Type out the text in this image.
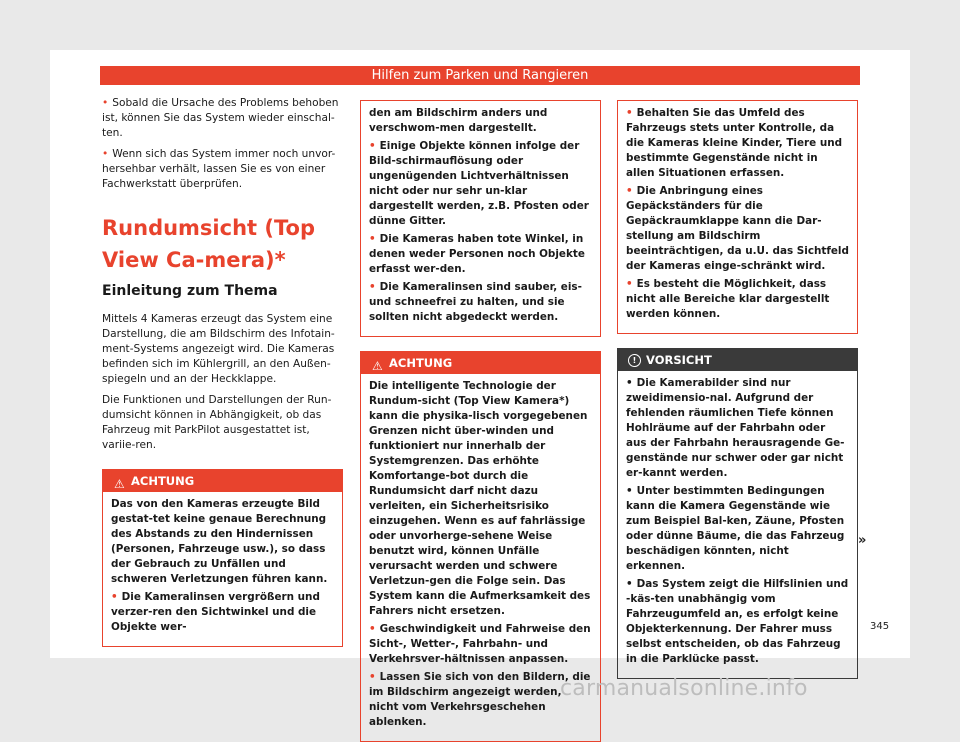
Hilfen zum Parken und Rangieren

• Sobald die Ursache des Problems behoben ist, können Sie das System wieder einschal-ten.

• Wenn sich das System immer noch unvor-hersehbar verhält, lassen Sie es von einer Fachwerkstatt überprüfen.

Rundumsicht (Top View Ca-mera)*
Einleitung zum Thema

Mittels 4 Kameras erzeugt das System eine Darstellung, die am Bildschirm des Infotain-ment-Systems angezeigt wird. Die Kameras befinden sich im Kühlergrill, an den Außen-spiegeln und an der Heckklappe.

Die Funktionen und Darstellungen der Run-dumsicht können in Abhängigkeit, ob das Fahrzeug mit ParkPilot ausgestattet ist, variie-ren.

⚠ ACHTUNG

Das von den Kameras erzeugte Bild gestat-tet keine genaue Berechnung des Abstands zu den Hindernissen (Personen, Fahrzeuge usw.), so dass der Gebrauch zu Unfällen und schweren Verletzungen führen kann.

• Die Kameralinsen vergrößern und verzer-ren den Sichtwinkel und die Objekte wer-

den am Bildschirm anders und verschwom-men dargestellt.

• Einige Objekte können infolge der Bild-schirmauflösung oder ungenügenden Lichtverhältnissen nicht oder nur sehr un-klar dargestellt werden, z.B. Pfosten oder dünne Gitter.

• Die Kameras haben tote Winkel, in denen weder Personen noch Objekte erfasst wer-den.

• Die Kameralinsen sind sauber, eis- und schneefrei zu halten, und sie sollten nicht abgedeckt werden.

⚠ ACHTUNG

Die intelligente Technologie der Rundum-sicht (Top View Kamera*) kann die physika-lisch vorgegebenen Grenzen nicht über-winden und funktioniert nur innerhalb der Systemgrenzen. Das erhöhte Komfortange-bot durch die Rundumsicht darf nicht dazu verleiten, ein Sicherheitsrisiko einzugehen. Wenn es auf fahrlässige oder unvorherge-sehene Weise benutzt wird, können Unfälle verursacht werden und schwere Verletzun-gen die Folge sein. Das System kann die Aufmerksamkeit des Fahrers nicht ersetzen.

• Geschwindigkeit und Fahrweise den Sicht-, Wetter-, Fahrbahn- und Verkehrsver-hältnissen anpassen.

• Lassen Sie sich von den Bildern, die im Bildschirm angezeigt werden, nicht vom Verkehrsgeschehen ablenken.

• Behalten Sie das Umfeld des Fahrzeugs stets unter Kontrolle, da die Kameras kleine Kinder, Tiere und bestimmte Gegenstände nicht in allen Situationen erfassen.

• Die Anbringung eines Gepäckständers für die Gepäckraumklappe kann die Dar-stellung am Bildschirm beeinträchtigen, da u.U. das Sichtfeld der Kameras einge-schränkt wird.

• Es besteht die Möglichkeit, dass nicht alle Bereiche klar dargestellt werden können.

! VORSICHT

• Die Kamerabilder sind nur zweidimensio-nal. Aufgrund der fehlenden räumlichen Tiefe können Hohlräume auf der Fahrbahn oder aus der Fahrbahn herausragende Ge-genstände nur schwer oder gar nicht er-kannt werden.

• Unter bestimmten Bedingungen kann die Kamera Gegenstände wie zum Beispiel Bal-ken, Zäune, Pfosten oder dünne Bäume, die das Fahrzeug beschädigen könnten, nicht erkennen.

• Das System zeigt die Hilfslinien und -käs-ten unabhängig vom Fahrzeugumfeld an, es erfolgt keine Objekterkennung. Der Fahrer muss selbst entscheiden, ob das Fahrzeug in die Parklücke passt.

»
345
carmanualsonline.info
